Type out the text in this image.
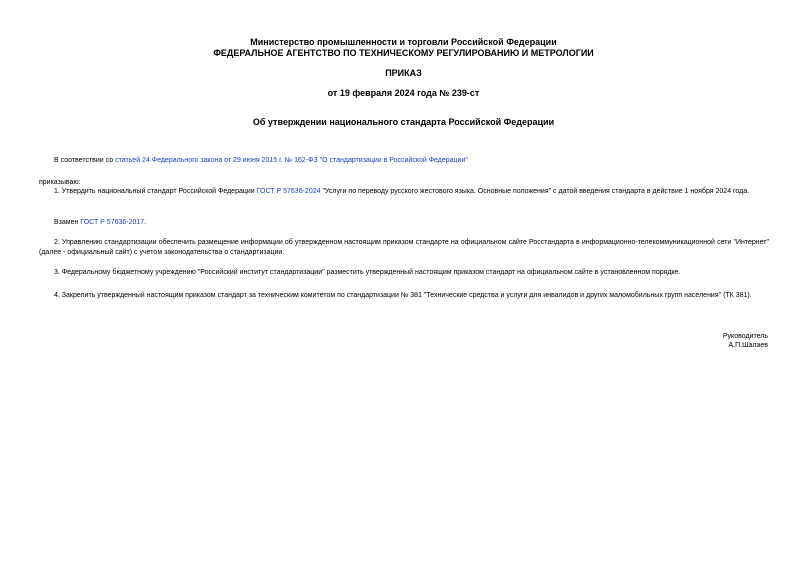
Министерство промышленности и торговли Российской Федерации
ФЕДЕРАЛЬНОЕ АГЕНТСТВО ПО ТЕХНИЧЕСКОМУ РЕГУЛИРОВАНИЮ И МЕТРОЛОГИИ
ПРИКАЗ
от 19 февраля 2024 года № 239-ст
Об утверждении национального стандарта Российской Федерации
В соответствии со статьей 24 Федерального закона от 29 июня 2015 г. № 162-ФЗ "О стандартизации в Российской Федерации"
приказываю:
1. Утвердить национальный стандарт Российской Федерации ГОСТ Р 57636-2024 "Услуги по переводу русского жестового языка. Основные положения" с датой введения стандарта в действие 1 ноября 2024 года.
Взамен ГОСТ Р 57636-2017.
2. Управлению стандартизации обеспечить размещение информации об утвержденном настоящим приказом стандарте на официальном сайте Росстандарта в информационно-телекоммуникационной сети "Интернет" (далее - официальный сайт) с учетом законодательства о стандартизации.
3. Федеральному бюджетному учреждению "Российский институт стандартизации" разместить утвержденный настоящим приказом стандарт на официальном сайте в установленном порядке.
4. Закрепить утвержденный настоящим приказом стандарт за техническим комитетом по стандартизации № 381 "Технические средства и услуги для инвалидов и других маломобильных групп населения" (ТК 381).
Руководитель
А.П.Шалаев
